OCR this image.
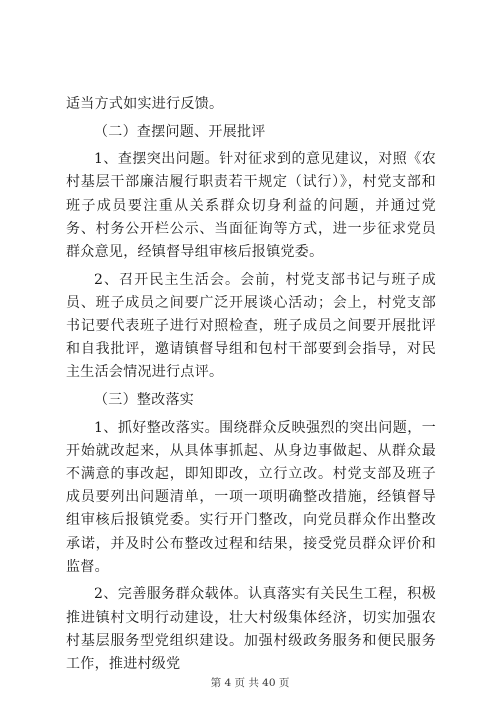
适当方式如实进行反馈。

（二）查摆问题、开展批评

1、查摆突出问题。针对征求到的意见建议，对照《农村基层干部廉洁履行职责若干规定（试行）》，村党支部和班子成员要注重从关系群众切身利益的问题，并通过党务、村务公开栏公示、当面征询等方式，进一步征求党员群众意见，经镇督导组审核后报镇党委。

2、召开民主生活会。会前，村党支部书记与班子成员、班子成员之间要广泛开展谈心活动；会上，村党支部书记要代表班子进行对照检查，班子成员之间要开展批评和自我批评，邀请镇督导组和包村干部要到会指导，对民主生活会情况进行点评。

（三）整改落实

1、抓好整改落实。围绕群众反映强烈的突出问题，一开始就改起来，从具体事抓起、从身边事做起、从群众最不满意的事改起，即知即改，立行立改。村党支部及班子成员要列出问题清单，一项一项明确整改措施，经镇督导组审核后报镇党委。实行开门整改，向党员群众作出整改承诺，并及时公布整改过程和结果，接受党员群众评价和监督。

2、完善服务群众载体。认真落实有关民生工程，积极推进镇村文明行动建设，壮大村级集体经济，切实加强农村基层服务型党组织建设。加强村级政务服务和便民服务工作，推进村级党

第 4 页 共 40 页
